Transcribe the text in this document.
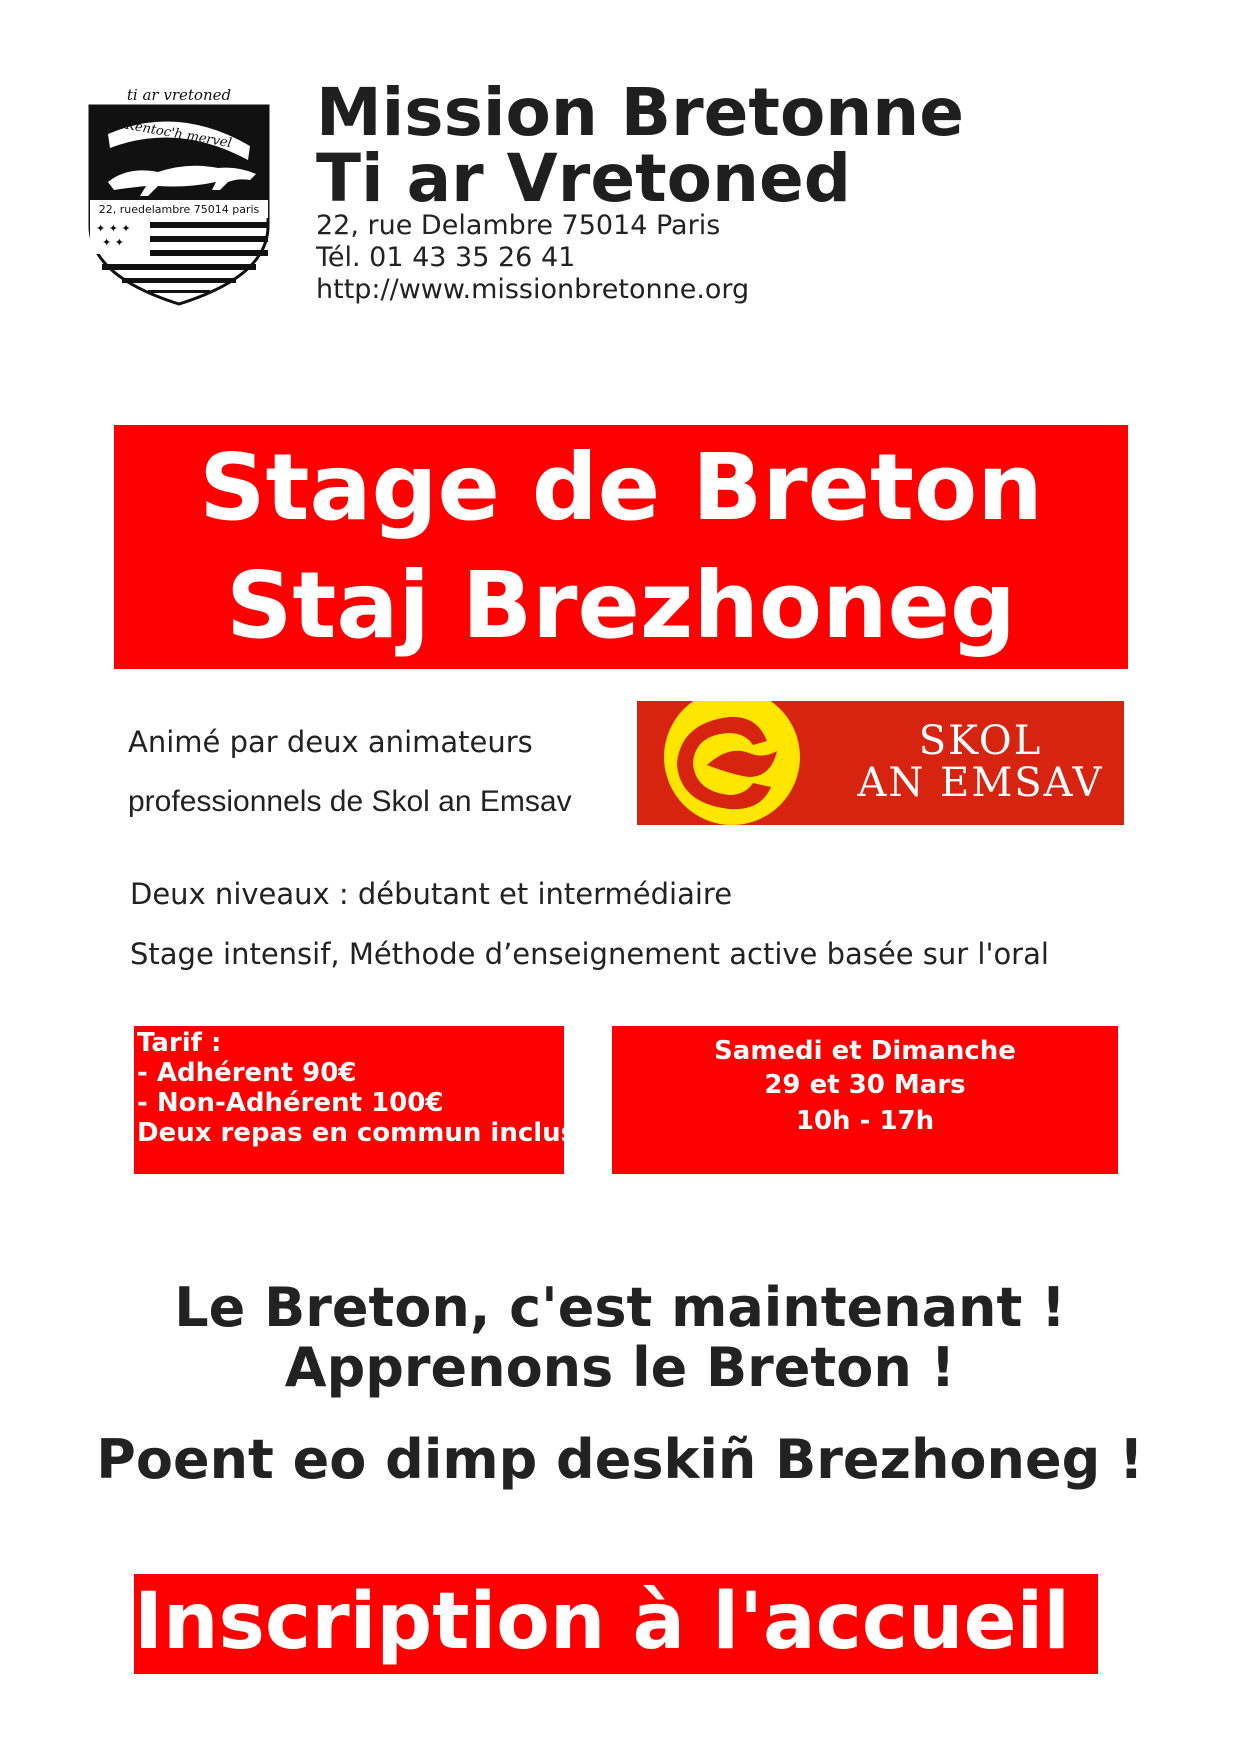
ti ar vretoned
Kentoc'h mervel
22, ruedelambre 75014 paris
✦ ✦ ✦
✦ ✦
Mission Bretonne
Ti ar Vretoned
22, rue Delambre 75014 Paris
Tél. 01 43 35 26 41
http://www.missionbretonne.org
Stage de Breton
Staj Brezhoneg
Animé par deux animateurs
professionnels de Skol an Emsav
SKOL
AN EMSAV
Deux niveaux : débutant et intermédiaire
Stage intensif, Méthode d’enseignement active basée sur l'oral
Tarif :
- Adhérent 90€
- Non-Adhérent 100€
Deux repas en commun inclus
Samedi et Dimanche
29 et 30 Mars
10h - 17h
Le Breton, c'est maintenant !
Apprenons le Breton !
Poent eo dimp deskiñ Brezhoneg !
Inscription à l'accueil !
